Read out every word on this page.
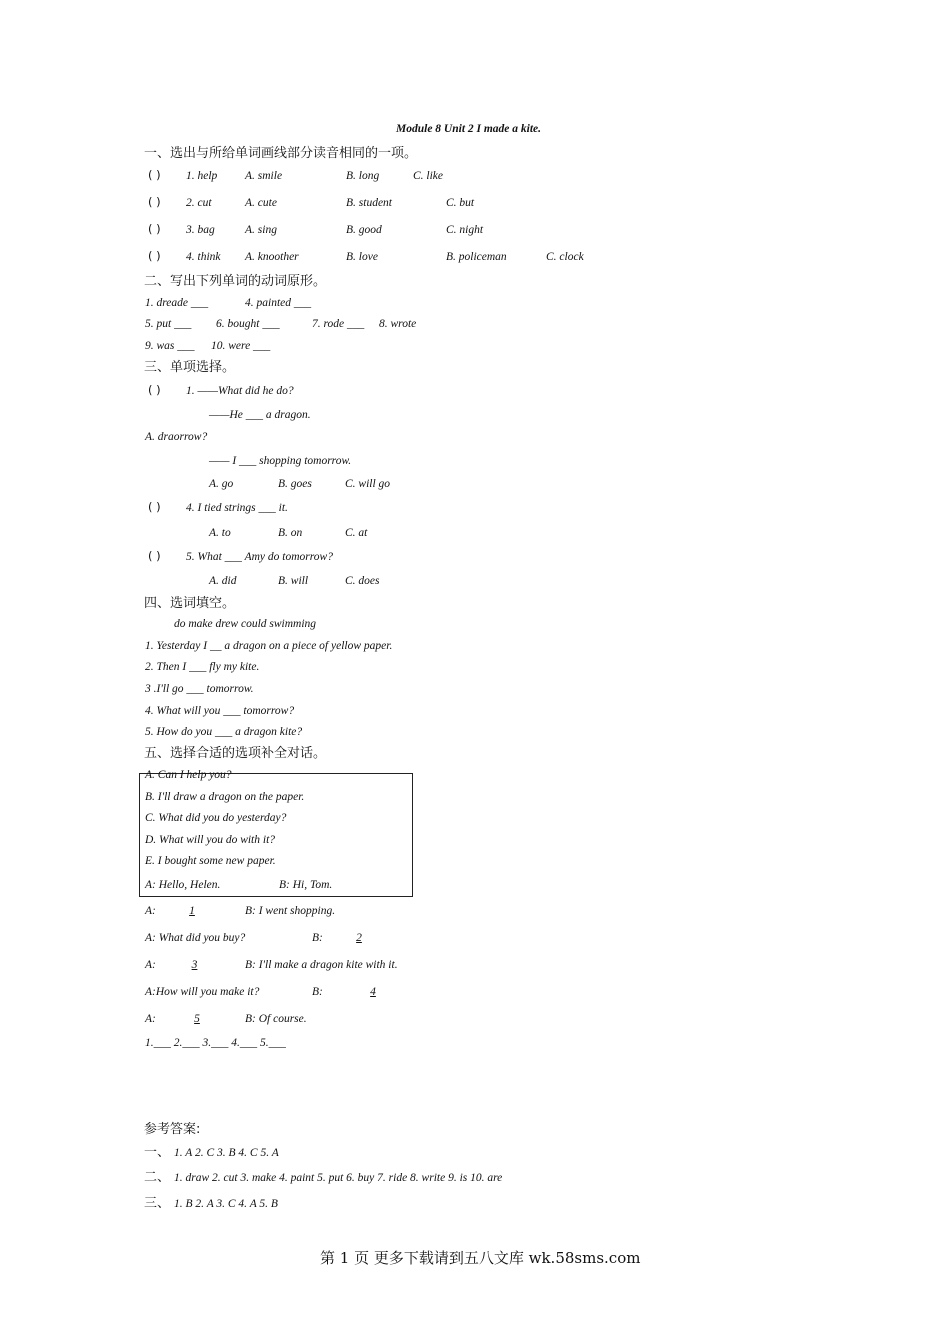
Module 8 Unit 2 I made a kite.
一、选出与所给单词画线部分读音相同的一项。
( ) 1. help A. smile	B. long	C. like
( ) 2. cut	A. cute	B. student	C. but
( ) 3. bag	A. sing	B. good	C. night
( ) 4. think A. knoother	B. love	B. policeman	C. clock
二、写出下列单词的动词原形。
1. dreade ___	4. painted ___
5. put ___ 6. bought ___	7. rode ___ 8. wrote
9. was ___ 10. were ___
三、单项选择。
( ) 1. ——What did he do?
——He ___ a dragon.
A. draorrow?
—— I ___ shopping tomorrow.
A. go	B. goes	C. will go
( ) 4. I tied strings ___ it.
A. to	B. on	C. at
( ) 5. What ___ Amy do tomorrow?
A. did	B. will	C. does
四、选词填空。
do make drew could swimming
1. Yesterday I __ a dragon on a piece of yellow paper.
2. Then I ___ fly my kite.
3 .I'll go ___ tomorrow.
4. What will you ___ tomorrow?
5. How do you ___ a dragon kite?
五、选择合适的选项补全对话。
A. Can I help you?
B. I'll draw a dragon on the paper.
C. What did you do yesterday?
D. What will you do with it?
E. I bought some new paper.
A: Hello, Helen.	B: Hi, Tom.
A:	1	B: I went shopping.
A: What did you buy?	B:	2
A:	3	B: I'll make a dragon kite with it.
A:How will you make it?	B:	4
A:	5	B: Of course.
1.___ 2.___ 3.___ 4.___ 5.___
参考答案:
一、 1. A 2. C 3. B 4. C 5. A
二、 1. draw 2. cut 3. make 4. paint 5. put 6. buy 7. ride 8. write 9. is 10. are
三、 1. B 2. A 3. C 4. A 5. B
第 1 页 更多下载请到五八文库 wk.58sms.com
